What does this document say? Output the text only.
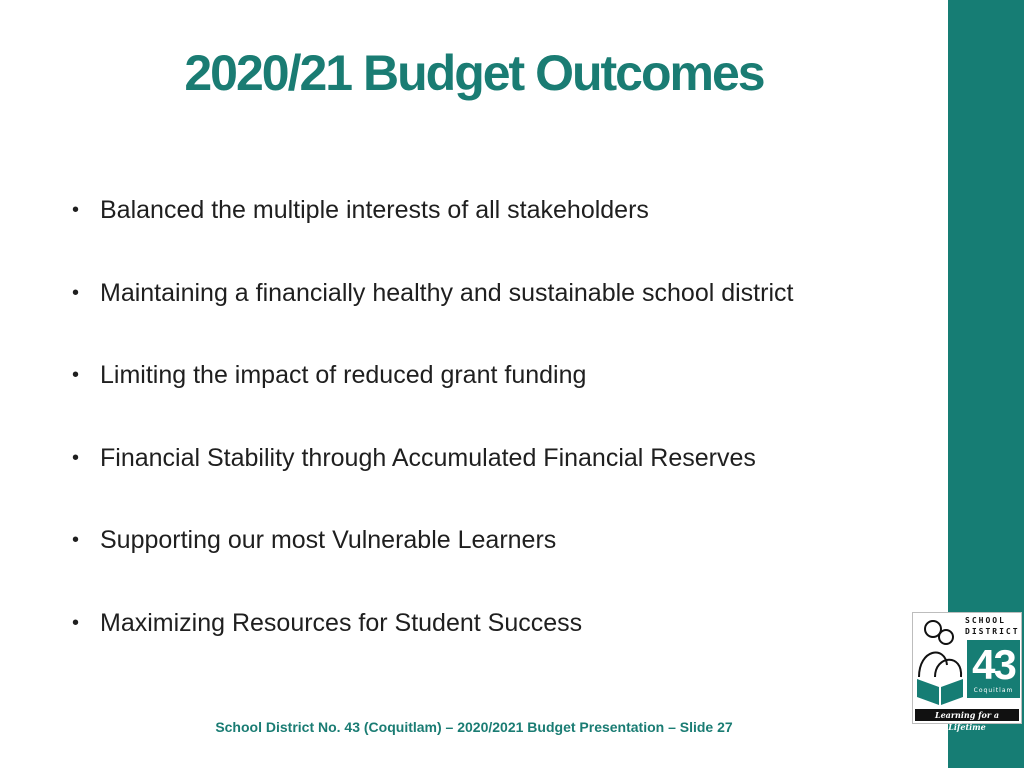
2020/21 Budget Outcomes
• Balanced the multiple interests of all stakeholders
• Maintaining a financially healthy and sustainable school district
• Limiting the impact of reduced grant funding
• Financial Stability through Accumulated Financial Reserves
• Supporting our most Vulnerable Learners
• Maximizing Resources for Student Success
School District No. 43 (Coquitlam) – 2020/2021 Budget Presentation – Slide 27
SCHOOL
DISTRICT
43
Coquitlam
Learning for a Lifetime
